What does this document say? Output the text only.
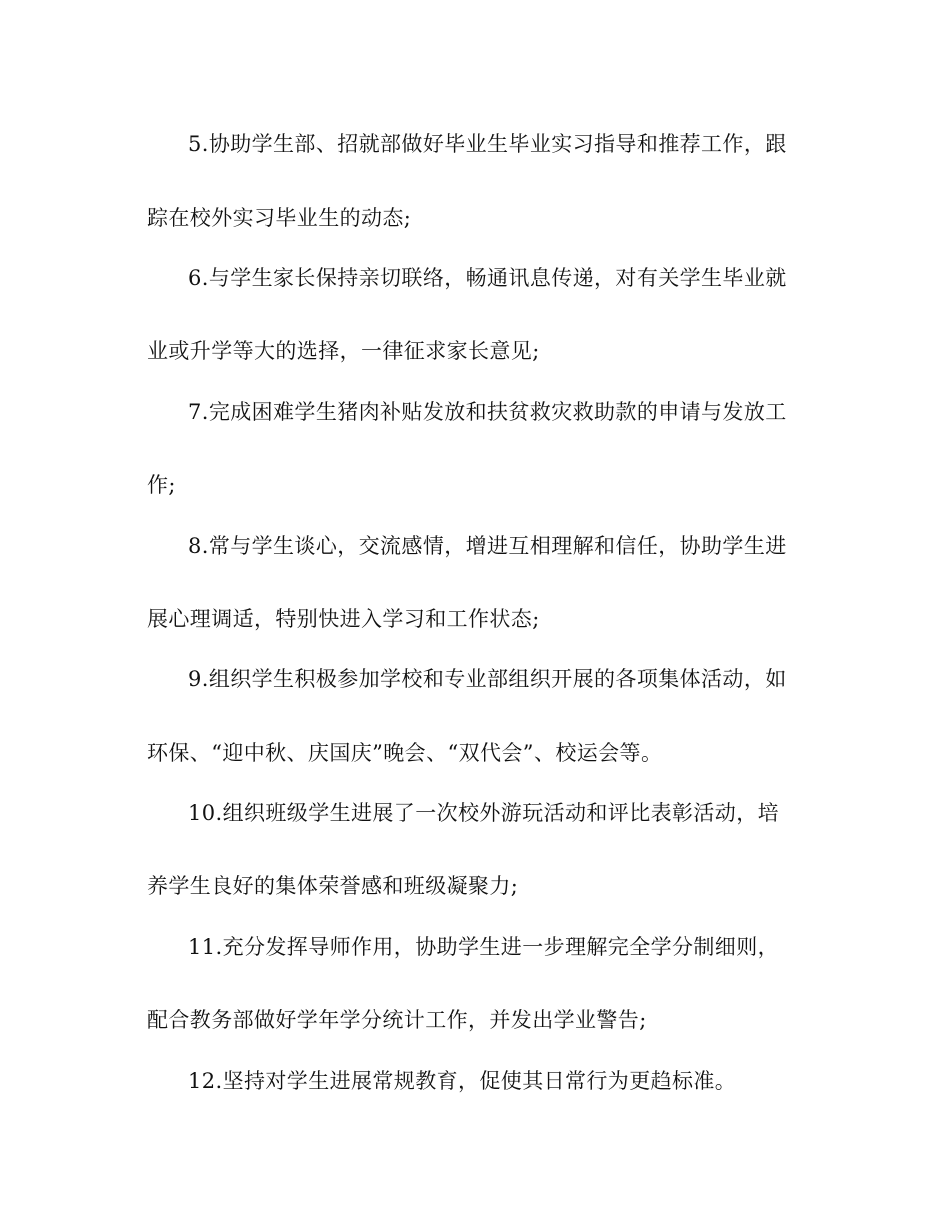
5.协助学生部、招就部做好毕业生毕业实习指导和推荐工作，跟
踪在校外实习毕业生的动态;
6.与学生家长保持亲切联络，畅通讯息传递，对有关学生毕业就
业或升学等大的选择，一律征求家长意见;
7.完成困难学生猪肉补贴发放和扶贫救灾救助款的申请与发放工
作;
8.常与学生谈心，交流感情，增进互相理解和信任，协助学生进
展心理调适，特别快进入学习和工作状态;
9.组织学生积极参加学校和专业部组织开展的各项集体活动，如
环保、“迎中秋、庆国庆”晚会、“双代会”、校运会等。
10.组织班级学生进展了一次校外游玩活动和评比表彰活动，培
养学生良好的集体荣誉感和班级凝聚力;
11.充分发挥导师作用，协助学生进一步理解完全学分制细则，
配合教务部做好学年学分统计工作，并发出学业警告;
12.坚持对学生进展常规教育，促使其日常行为更趋标准。
